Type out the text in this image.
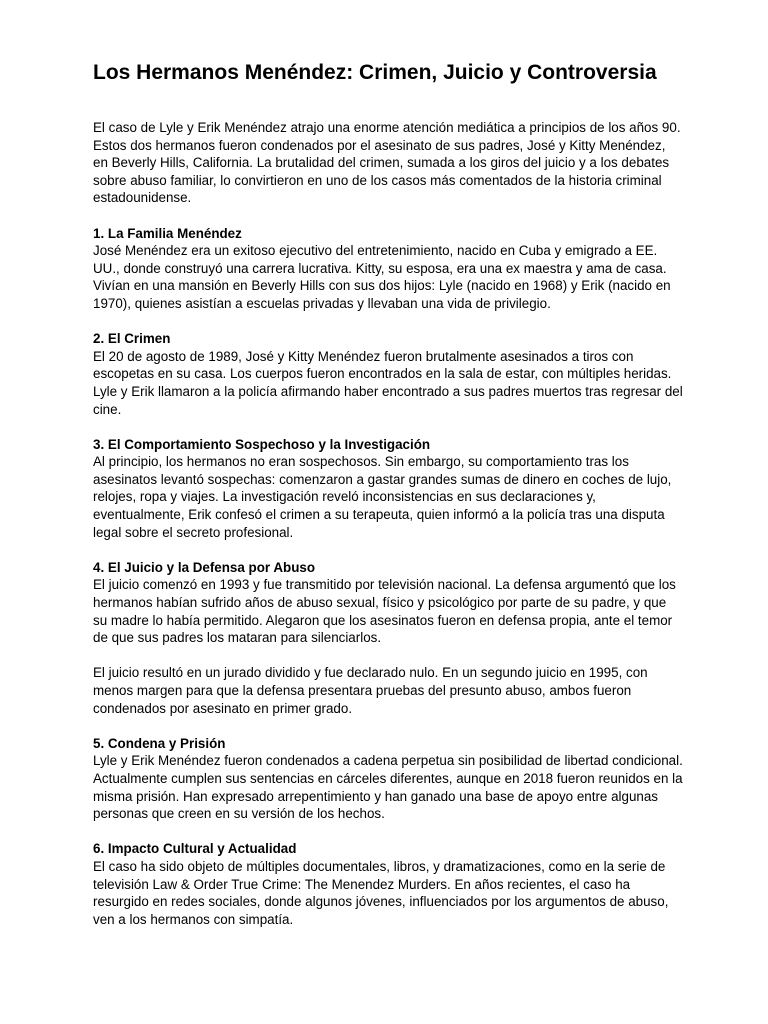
Los Hermanos Menéndez: Crimen, Juicio y Controversia

El caso de Lyle y Erik Menéndez atrajo una enorme atención mediática a principios de los años 90. Estos dos hermanos fueron condenados por el asesinato de sus padres, José y Kitty Menéndez, en Beverly Hills, California. La brutalidad del crimen, sumada a los giros del juicio y a los debates sobre abuso familiar, lo convirtieron en uno de los casos más comentados de la historia criminal estadounidense.

1. La Familia Menéndez

José Menéndez era un exitoso ejecutivo del entretenimiento, nacido en Cuba y emigrado a EE. UU., donde construyó una carrera lucrativa. Kitty, su esposa, era una ex maestra y ama de casa. Vivían en una mansión en Beverly Hills con sus dos hijos: Lyle (nacido en 1968) y Erik (nacido en 1970), quienes asistían a escuelas privadas y llevaban una vida de privilegio.

2. El Crimen

El 20 de agosto de 1989, José y Kitty Menéndez fueron brutalmente asesinados a tiros con escopetas en su casa. Los cuerpos fueron encontrados en la sala de estar, con múltiples heridas. Lyle y Erik llamaron a la policía afirmando haber encontrado a sus padres muertos tras regresar del cine.

3. El Comportamiento Sospechoso y la Investigación

Al principio, los hermanos no eran sospechosos. Sin embargo, su comportamiento tras los asesinatos levantó sospechas: comenzaron a gastar grandes sumas de dinero en coches de lujo, relojes, ropa y viajes. La investigación reveló inconsistencias en sus declaraciones y, eventualmente, Erik confesó el crimen a su terapeuta, quien informó a la policía tras una disputa legal sobre el secreto profesional.

4. El Juicio y la Defensa por Abuso

El juicio comenzó en 1993 y fue transmitido por televisión nacional. La defensa argumentó que los hermanos habían sufrido años de abuso sexual, físico y psicológico por parte de su padre, y que su madre lo había permitido. Alegaron que los asesinatos fueron en defensa propia, ante el temor de que sus padres los mataran para silenciarlos.

El juicio resultó en un jurado dividido y fue declarado nulo. En un segundo juicio en 1995, con menos margen para que la defensa presentara pruebas del presunto abuso, ambos fueron condenados por asesinato en primer grado.

5. Condena y Prisión

Lyle y Erik Menéndez fueron condenados a cadena perpetua sin posibilidad de libertad condicional. Actualmente cumplen sus sentencias en cárceles diferentes, aunque en 2018 fueron reunidos en la misma prisión. Han expresado arrepentimiento y han ganado una base de apoyo entre algunas personas que creen en su versión de los hechos.

6. Impacto Cultural y Actualidad

El caso ha sido objeto de múltiples documentales, libros, y dramatizaciones, como en la serie de televisión Law & Order True Crime: The Menendez Murders. En años recientes, el caso ha resurgido en redes sociales, donde algunos jóvenes, influenciados por los argumentos de abuso, ven a los hermanos con simpatía.
